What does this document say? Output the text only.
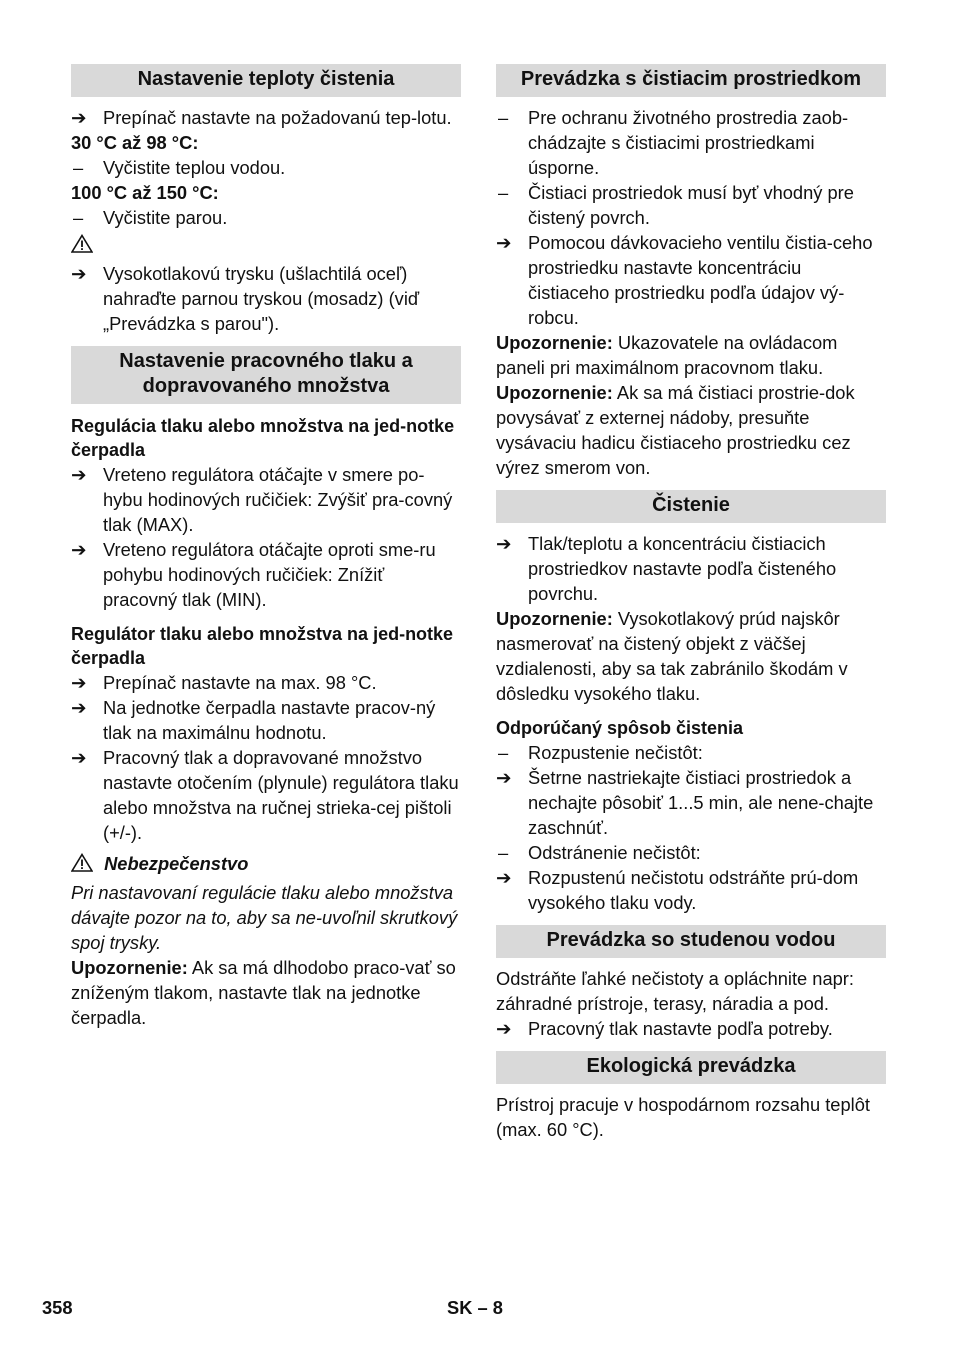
Nastavenie teploty čistenia
➔ Prepínač nastavte na požadovanú tep-lotu.
30 °C až 98 °C:
–	Vyčistite teplou vodou.
100 °C až 150 °C:
–	Vyčistite parou.
➔ Vysokotlakovú trysku (ušlachtilá oceľ) nahraďte parnou tryskou (mosadz) (viď „Prevádzka s parou").
Nastavenie pracovného tlaku a dopravovaného množstva
Regulácia tlaku alebo množstva na jed-notke čerpadla
➔ Vreteno regulátora otáčajte v smere po-hybu hodinových ručičiek: Zvýšiť pra-covný tlak (MAX).
➔ Vreteno regulátora otáčajte oproti sme-ru pohybu hodinových ručičiek: Znížiť pracovný tlak (MIN).
Regulátor tlaku alebo množstva na jed-notke čerpadla
➔ Prepínač nastavte na max. 98 °C.
➔ Na jednotke čerpadla nastavte pracov-ný tlak na maximálnu hodnotu.
➔ Pracovný tlak a dopravované množstvo nastavte otočením (plynule) regulátora tlaku alebo množstva na ručnej strieka-cej pištoli (+/-).
Nebezpečenstvo
Pri nastavovaní regulácie tlaku alebo množstva dávajte pozor na to, aby sa ne-uvoľnil skrutkový spoj trysky.
Upozornenie: Ak sa má dlhodobo praco-vať so zníženým tlakom, nastavte tlak na jednotke čerpadla.
Prevádzka s čistiacim prostriedkom
–	Pre ochranu životného prostredia zaob-chádzajte s čistiacimi prostriedkami úsporne.
–	Čistiaci prostriedok musí byť vhodný pre čistený povrch.
➔ Pomocou dávkovacieho ventilu čistia-ceho prostriedku nastavte koncentráciu čistiaceho prostriedku podľa údajov vý-robcu.
Upozornenie: Ukazovatele na ovládacom paneli pri maximálnom pracovnom tlaku.
Upozornenie: Ak sa má čistiaci prostrie-dok povysávať z externej nádoby, presuňte vysávaciu hadicu čistiaceho prostriedku cez výrez smerom von.
Čistenie
➔ Tlak/teplotu a koncentráciu čistiacich prostriedkov nastavte podľa čisteného povrchu.
Upozornenie: Vysokotlakový prúd najskôr nasmerovať na čistený objekt z väčšej vzdialenosti, aby sa tak zabránilo škodám v dôsledku vysokého tlaku.
Odporúčaný spôsob čistenia
–	Rozpustenie nečistôt:
➔ Šetrne nastriekajte čistiaci prostriedok a nechajte pôsobiť 1...5 min, ale nene-chajte zaschnúť.
–	Odstránenie nečistôt:
➔ Rozpustenú nečistotu odstráňte prú-dom vysokého tlaku vody.
Prevádzka so studenou vodou
Odstráňte ľahké nečistoty a opláchnite napr: záhradné prístroje, terasy, náradia a pod.
➔ Pracovný tlak nastavte podľa potreby.
Ekologická prevádzka
Prístroj pracuje v hospodárnom rozsahu teplôt (max. 60 °C).
358	SK – 8
